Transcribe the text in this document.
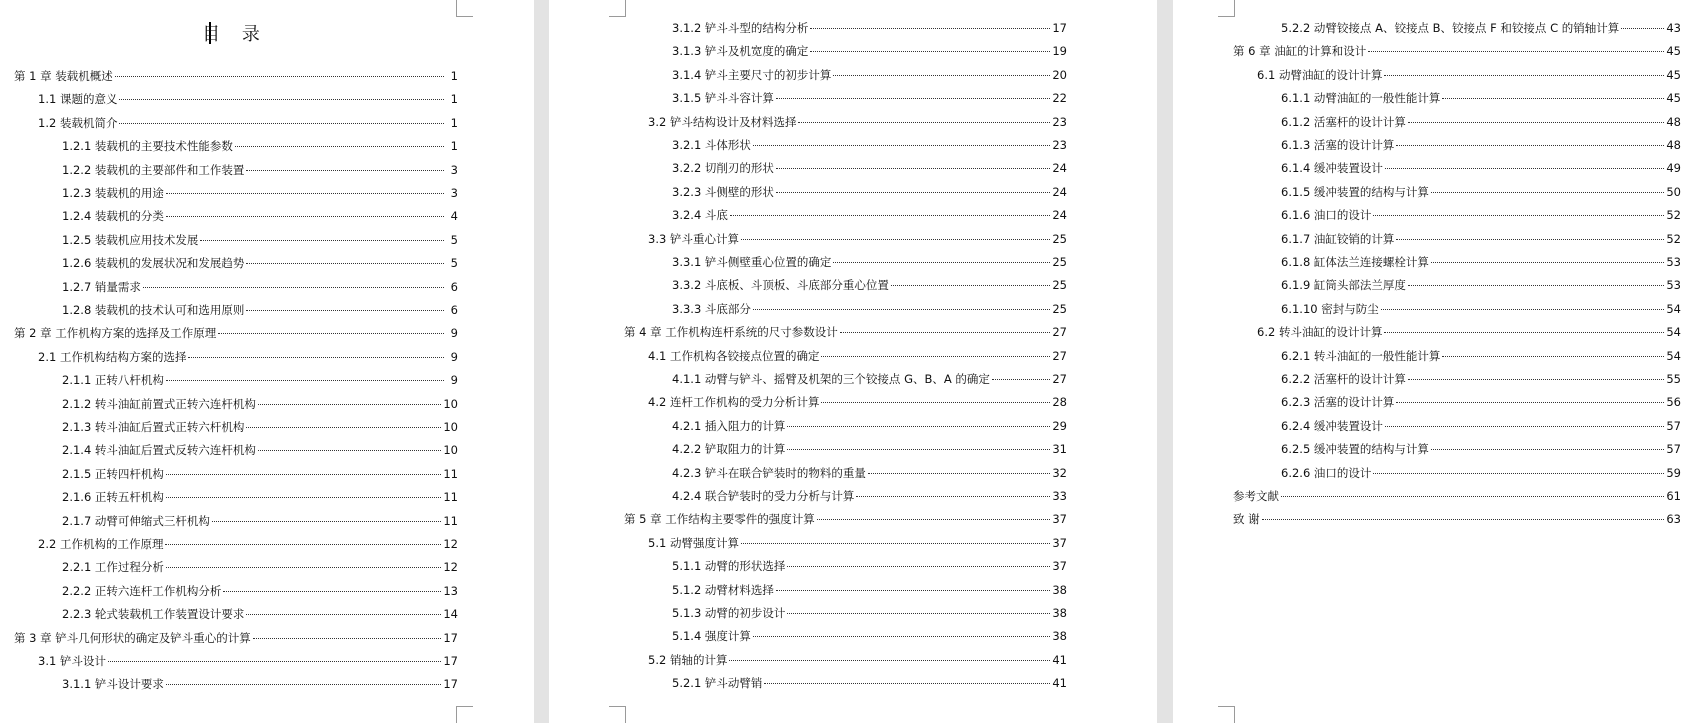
目 录
第 1 章 装载机概述	1
1.1 课题的意义	1
1.2 装载机简介	1
1.2.1 装载机的主要技术性能参数	1
1.2.2 装载机的主要部件和工作装置	3
1.2.3 装载机的用途	3
1.2.4 装载机的分类	4
1.2.5 装载机应用技术发展	5
1.2.6 装载机的发展状况和发展趋势	5
1.2.7 销量需求	6
1.2.8 装载机的技术认可和选用原则	6
第 2 章 工作机构方案的选择及工作原理	9
2.1 工作机构结构方案的选择	9
2.1.1 正转八杆机构	9
2.1.2 转斗油缸前置式正转六连杆机构	10
2.1.3 转斗油缸后置式正转六杆机构	10
2.1.4 转斗油缸后置式反转六连杆机构	10
2.1.5 正转四杆机构	11
2.1.6 正转五杆机构	11
2.1.7 动臂可伸缩式三杆机构	11
2.2 工作机构的工作原理	12
2.2.1 工作过程分析	12
2.2.2 正转六连杆工作机构分析	13
2.2.3 轮式装载机工作装置设计要求	14
第 3 章 铲斗几何形状的确定及铲斗重心的计算	17
3.1 铲斗设计	17
3.1.1 铲斗设计要求	17
3.1.2 铲斗斗型的结构分析	17
3.1.3 铲斗及机宽度的确定	19
3.1.4 铲斗主要尺寸的初步计算	20
3.1.5 铲斗斗容计算	22
3.2 铲斗结构设计及材料选择	23
3.2.1 斗体形状	23
3.2.2 切削刃的形状	24
3.2.3 斗侧壁的形状	24
3.2.4 斗底	24
3.3 铲斗重心计算	25
3.3.1 铲斗侧壁重心位置的确定	25
3.3.2 斗底板、斗顶板、斗底部分重心位置	25
3.3.3 斗底部分	25
第 4 章 工作机构连杆系统的尺寸参数设计	27
4.1 工作机构各铰接点位置的确定	27
4.1.1 动臂与铲斗、摇臂及机架的三个铰接点 G、B、A 的确定	27
4.2 连杆工作机构的受力分析计算	28
4.2.1 插入阻力的计算	29
4.2.2 铲取阻力的计算	31
4.2.3 铲斗在联合铲装时的物料的重量	32
4.2.4 联合铲装时的受力分析与计算	33
第 5 章 工作结构主要零件的强度计算	37
5.1 动臂强度计算	37
5.1.1 动臂的形状选择	37
5.1.2 动臂材料选择	38
5.1.3 动臂的初步设计	38
5.1.4 强度计算	38
5.2 销轴的计算	41
5.2.1 铲斗动臂销	41
5.2.2 动臂铰接点 A、铰接点 B、铰接点 F 和铰接点 C 的销轴计算	43
第 6 章 油缸的计算和设计	45
6.1 动臂油缸的设计计算	45
6.1.1 动臂油缸的一般性能计算	45
6.1.2 活塞杆的设计计算	48
6.1.3 活塞的设计计算	48
6.1.4 缓冲装置设计	49
6.1.5 缓冲装置的结构与计算	50
6.1.6 油口的设计	52
6.1.7 油缸铰销的计算	52
6.1.8 缸体法兰连接螺栓计算	53
6.1.9 缸筒头部法兰厚度	53
6.1.10 密封与防尘	54
6.2 转斗油缸的设计计算	54
6.2.1 转斗油缸的一般性能计算	54
6.2.2 活塞杆的设计计算	55
6.2.3 活塞的设计计算	56
6.2.4 缓冲装置设计	57
6.2.5 缓冲装置的结构与计算	57
6.2.6 油口的设计	59
参考文献	61
致 谢	63
